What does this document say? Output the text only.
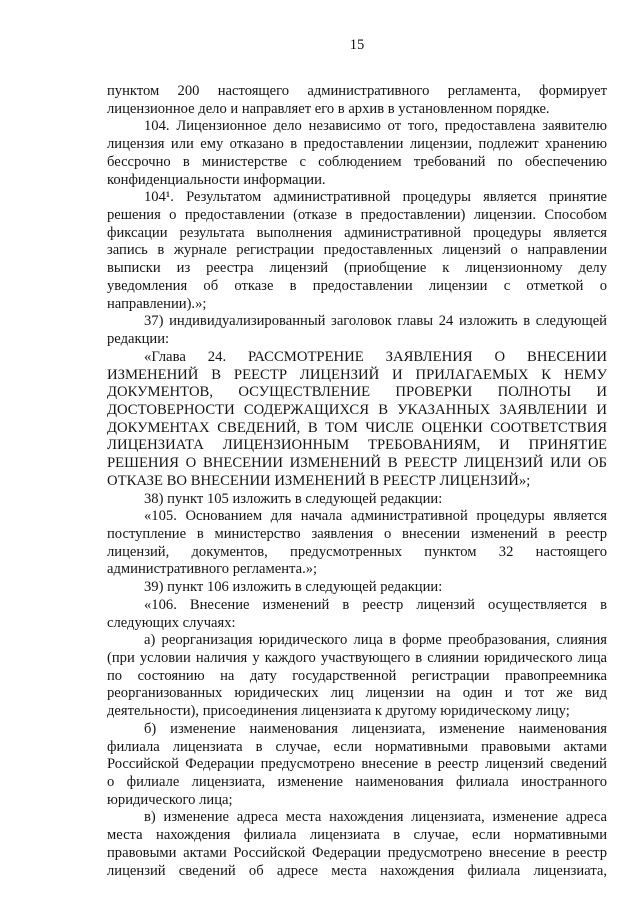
15
пунктом 200 настоящего административного регламента, формирует
лицензионное дело и направляет его в архив в установленном порядке.
104. Лицензионное дело независимо от того, предоставлена заявителю
лицензия или ему отказано в предоставлении лицензии, подлежит хранению
бессрочно в министерстве с соблюдением требований по обеспечению
конфиденциальности информации.
104¹. Результатом административной процедуры является принятие
решения о предоставлении (отказе в предоставлении) лицензии. Способом
фиксации результата выполнения административной процедуры является
запись в журнале регистрации предоставленных лицензий о направлении
выписки из реестра лицензий (приобщение к лицензионному делу
уведомления об отказе в предоставлении лицензии с отметкой о
направлении).»;
37) индивидуализированный заголовок главы 24 изложить в следующей
редакции:
«Глава 24. РАССМОТРЕНИЕ ЗАЯВЛЕНИЯ О ВНЕСЕНИИ
ИЗМЕНЕНИЙ В РЕЕСТР ЛИЦЕНЗИЙ И ПРИЛАГАЕМЫХ К НЕМУ
ДОКУМЕНТОВ, ОСУЩЕСТВЛЕНИЕ ПРОВЕРКИ ПОЛНОТЫ И
ДОСТОВЕРНОСТИ СОДЕРЖАЩИХСЯ В УКАЗАННЫХ ЗАЯВЛЕНИИ И
ДОКУМЕНТАХ СВЕДЕНИЙ, В ТОМ ЧИСЛЕ ОЦЕНКИ СООТВЕТСТВИЯ
ЛИЦЕНЗИАТА ЛИЦЕНЗИОННЫМ ТРЕБОВАНИЯМ, И ПРИНЯТИЕ
РЕШЕНИЯ О ВНЕСЕНИИ ИЗМЕНЕНИЙ В РЕЕСТР ЛИЦЕНЗИЙ ИЛИ ОБ
ОТКАЗЕ ВО ВНЕСЕНИИ ИЗМЕНЕНИЙ В РЕЕСТР ЛИЦЕНЗИЙ»;
38) пункт 105 изложить в следующей редакции:
«105. Основанием для начала административной процедуры является
поступление в министерство заявления о внесении изменений в реестр
лицензий, документов, предусмотренных пунктом 32 настоящего
административного регламента.»;
39) пункт 106 изложить в следующей редакции:
«106. Внесение изменений в реестр лицензий осуществляется в
следующих случаях:
а) реорганизация юридического лица в форме преобразования, слияния
(при условии наличия у каждого участвующего в слиянии юридического лица
по состоянию на дату государственной регистрации правопреемника
реорганизованных юридических лиц лицензии на один и тот же вид
деятельности), присоединения лицензиата к другому юридическому лицу;
б) изменение наименования лицензиата, изменение наименования
филиала лицензиата в случае, если нормативными правовыми актами
Российской Федерации предусмотрено внесение в реестр лицензий сведений
о филиале лицензиата, изменение наименования филиала иностранного
юридического лица;
в) изменение адреса места нахождения лицензиата, изменение адреса
места нахождения филиала лицензиата в случае, если нормативными
правовыми актами Российской Федерации предусмотрено внесение в реестр
лицензий сведений об адресе места нахождения филиала лицензиата,
